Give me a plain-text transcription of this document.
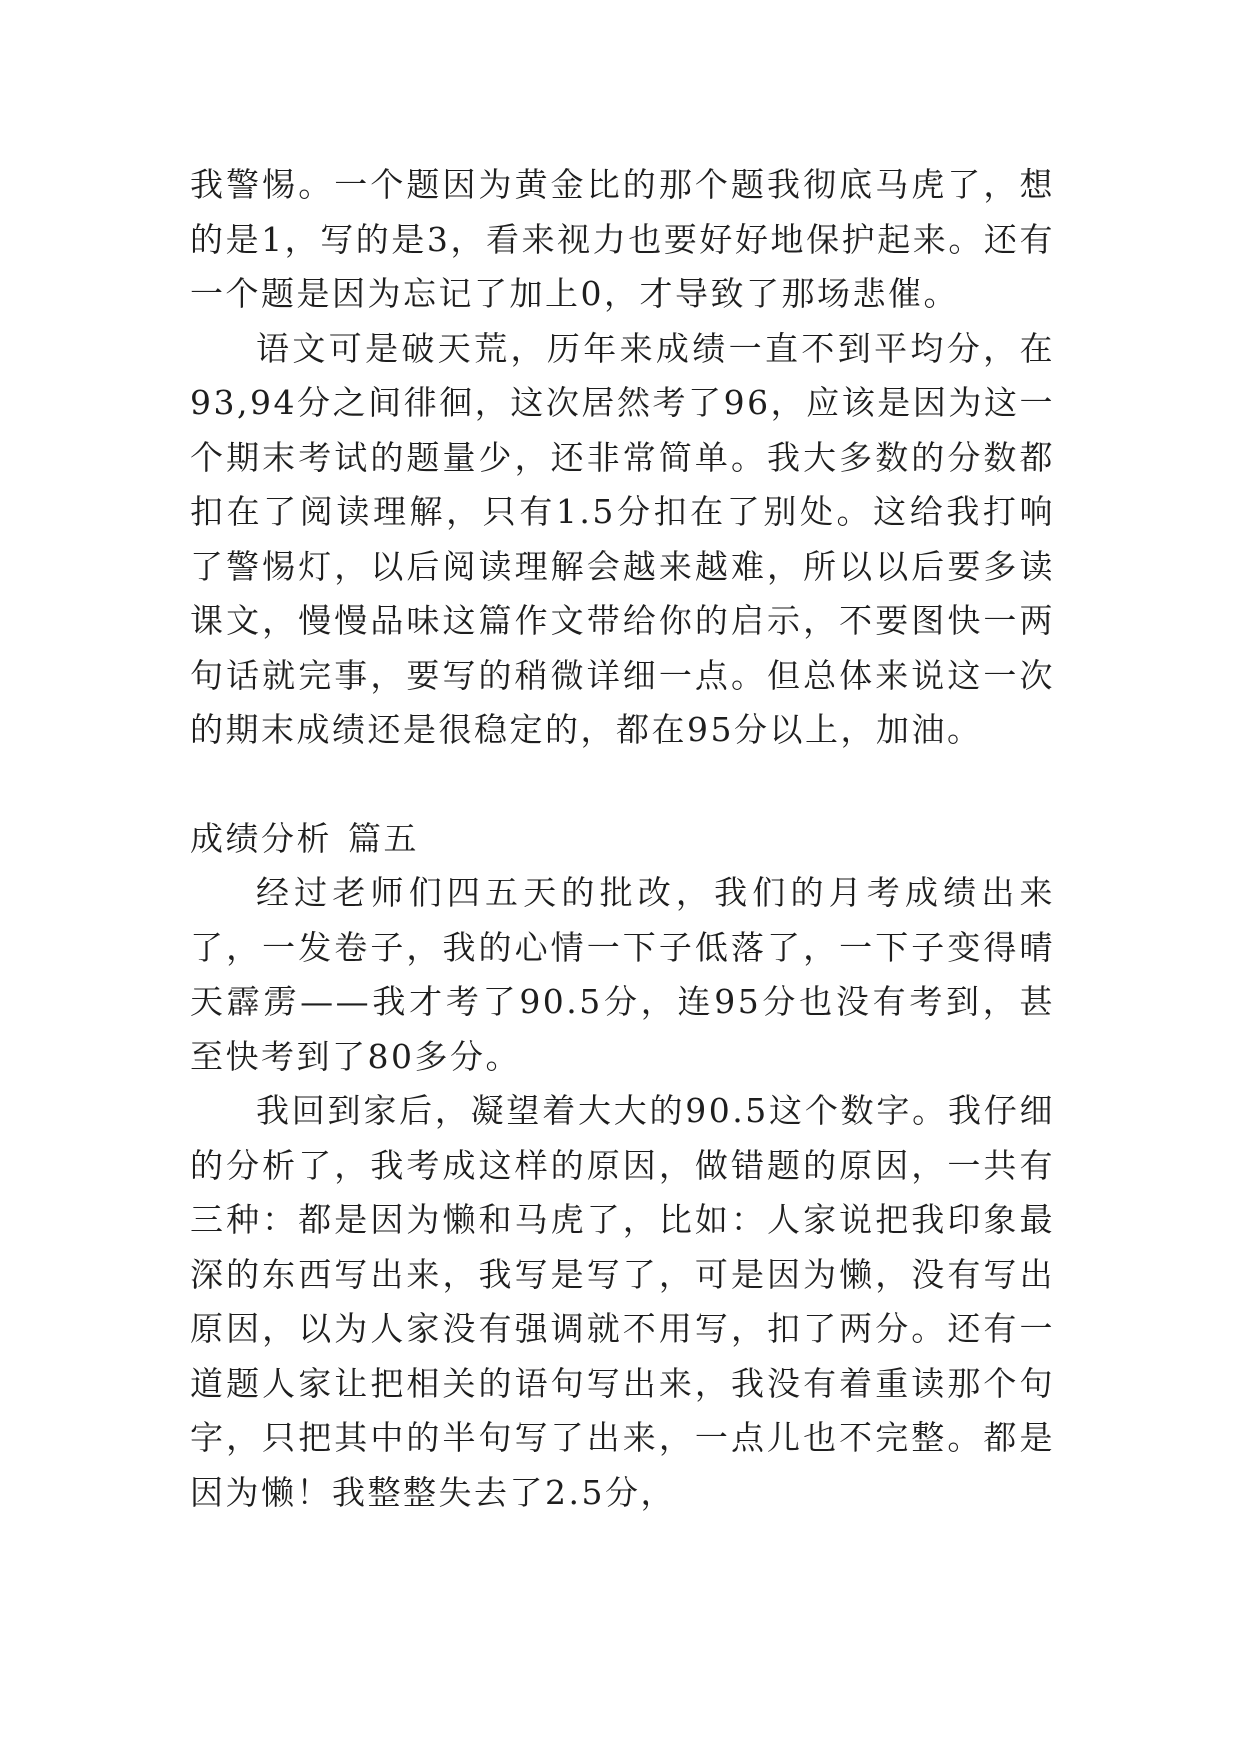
我警惕。一个题因为黄金比的那个题我彻底马虎了，想的是1，写的是3，看来视力也要好好地保护起来。还有一个题是因为忘记了加上0，才导致了那场悲催。

语文可是破天荒，历年来成绩一直不到平均分，在93,94分之间徘徊，这次居然考了96，应该是因为这一个期末考试的题量少，还非常简单。我大多数的分数都扣在了阅读理解，只有1.5分扣在了别处。这给我打响了警惕灯，以后阅读理解会越来越难，所以以后要多读课文，慢慢品味这篇作文带给你的启示，不要图快一两句话就完事，要写的稍微详细一点。但总体来说这一次的期末成绩还是很稳定的，都在95分以上，加油。

成绩分析 篇五

经过老师们四五天的批改，我们的月考成绩出来了，一发卷子，我的心情一下子低落了，一下子变得晴天霹雳——我才考了90.5分，连95分也没有考到，甚至快考到了80多分。

我回到家后，凝望着大大的90.5这个数字。我仔细的分析了，我考成这样的原因，做错题的原因，一共有三种：都是因为懒和马虎了，比如：人家说把我印象最深的东西写出来，我写是写了，可是因为懒，没有写出原因，以为人家没有强调就不用写，扣了两分。还有一道题人家让把相关的语句写出来，我没有着重读那个句字，只把其中的半句写了出来，一点儿也不完整。都是因为懒！我整整失去了2.5分，
